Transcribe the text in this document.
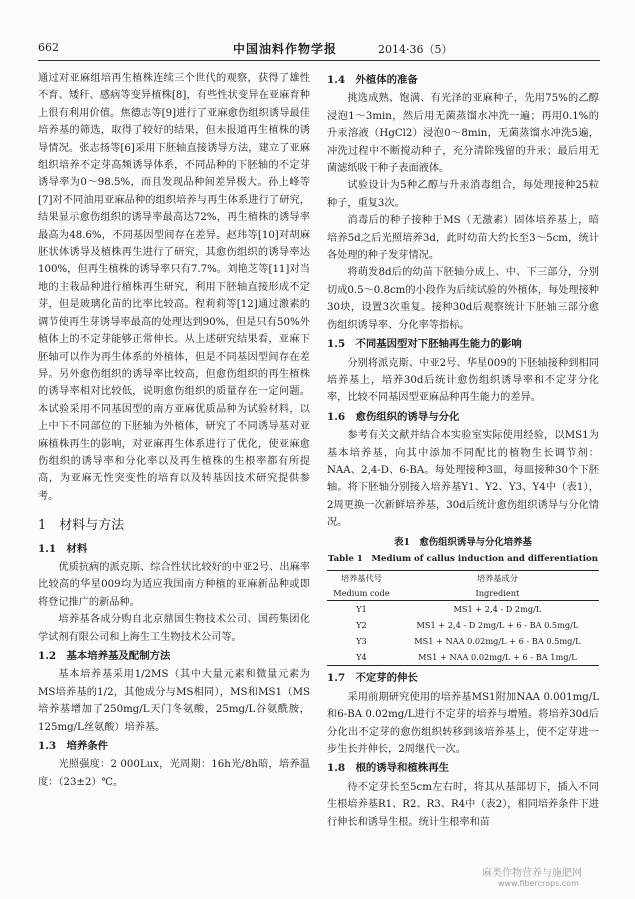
662	中国油料作物学报	2014·36（5）

通过对亚麻组培再生植株连续三个世代的观察，获得了雄性不育、矮秆、感病等变异植株[8]，有些性状变异在亚麻育种上很有利用价值。焦德志等[9]进行了亚麻愈伤组织诱导最佳培养基的筛选，取得了较好的结果，但未报道再生植株的诱导情况。张志扬等[6]采用下胚轴直接诱导方法，建立了亚麻组织培养不定芽高频诱导体系，不同品种的下胚轴的不定芽诱导率为0～98.5%，而且发现品种间差异极大。孙上峰等[7]对不同油用亚麻品种的组织培养与再生体系进行了研究，结果显示愈伤组织的诱导率最高达72%，再生植株的诱导率最高为48.6%，不同基因型间存在差异。赵玮等[10]对胡麻胚状体诱导及植株再生进行了研究，其愈伤组织的诱导率达100%，但再生植株的诱导率只有7.7%。刘艳芝等[11]对当地的主栽品种进行植株再生研究，利用下胚轴直接形成不定芽，但是玻璃化苗的比率比较高。程莉莉等[12]通过激素的调节使再生芽诱导率最高的处理达到90%，但是只有50%外植体上的不定芽能够正常伸长。从上述研究结果看，亚麻下胚轴可以作为再生体系的外植体，但是不同基因型间存在差异。另外愈伤组织的诱导率比较高，但愈伤组织的再生植株的诱导率相对比较低，说明愈伤组织的质量存在一定问题。本试验采用不同基因型的南方亚麻优质品种为试验材料，以上中下不同部位的下胚轴为外植体，研究了不同诱导基对亚麻植株再生的影响，对亚麻再生体系进行了优化，使亚麻愈伤组织的诱导率和分化率以及再生植株的生根率都有所提高，为亚麻无性突变性的培育以及转基因技术研究提供参考。

1　材料与方法
1.1　材料

优质抗病的派克斯、综合性状比较好的中亚2号、出麻率比较高的华星009均为适应我国南方种植的亚麻新品种或即将登记推广的新品种。

培养基各成分购自北京鼎国生物技术公司、国药集团化学试剂有限公司和上海生工生物技术公司等。

1.2　基本培养基及配制方法

基本培养基采用1/2MS（其中大量元素和微量元素为MS培养基的1/2，其他成分与MS相同），MS和MS1（MS培养基增加了250mg/L天门冬氨酸，25mg/L谷氨酰胺，125mg/L丝氨酸）培养基。

1.3　培养条件

光照强度：2 000Lux，光周期：16h光/8h暗，培养温度：（23±2）℃。

1.4　外植体的准备

挑选成熟、饱满、有光泽的亚麻种子，先用75%的乙醇浸泡1～3min，然后用无菌蒸馏水冲洗一遍；再用0.1%的升汞溶液（HgCl2）浸泡0～8min，无菌蒸馏水冲洗5遍，冲洗过程中不断搅动种子，充分清除残留的升汞；最后用无菌滤纸吸干种子表面液体。

试验设计为5种乙醇与升汞消毒组合，每处理接种25粒种子，重复3次。

消毒后的种子接种于MS（无激素）固体培养基上，暗培养5d之后光照培养3d，此时幼苗大约长至3～5cm，统计各处理的种子发芽情况。

将萌发8d后的幼苗下胚轴分成上、中、下三部分，分别切成0.5～0.8cm的小段作为后续试验的外植体，每处理接种30块，设置3次重复。接种30d后观察统计下胚轴三部分愈伤组织诱导率、分化率等指标。

1.5　不同基因型对下胚轴再生能力的影响

分别将派克斯、中亚2号、华星009的下胚轴接种到相同培养基上，培养30d后统计愈伤组织诱导率和不定芽分化率，比较不同基因型亚麻品种再生能力的差异。

1.6　愈伤组织的诱导与分化

参考有关文献并结合本实验室实际使用经验，以MS1为基本培养基，向其中添加不同配比的植物生长调节剂：NAA、2,4-D、6-BA。每处理接种3皿，每皿接种30个下胚轴。将下胚轴分别接入培养基Y1、Y2、Y3、Y4中（表1），2周更换一次新鲜培养基，30d后统计愈伤组织诱导与分化情况。

表1　愈伤组织诱导与分化培养基
Table 1　Medium of callus induction and differentiation
培养基代号	培养基成分
Medium code	Ingredient
Y1	MS1 + 2,4 - D 2mg/L
Y2	MS1 + 2,4 - D 2mg/L + 6 - BA 0.5mg/L
Y3	MS1 + NAA 0.02mg/L + 6 - BA 0.5mg/L
Y4	MS1 + NAA 0.02mg/L + 6 - BA 1mg/L
1.7　不定芽的伸长

采用前期研究使用的培养基MS1附加NAA 0.001mg/L和6-BA 0.02mg/L进行不定芽的培养与增殖。将培养30d后分化出不定芽的愈伤组织转移到该培养基上，使不定芽进一步生长并伸长，2周继代一次。

1.8　根的诱导和植株再生

待不定芽长至5cm左右时，将其从基部切下，插入不同生根培养基R1、R2、R3、R4中（表2），相同培养条件下进行伸长和诱导生根。统计生根率和苗

麻类作物营养与施肥网
www.fibercrops.com
